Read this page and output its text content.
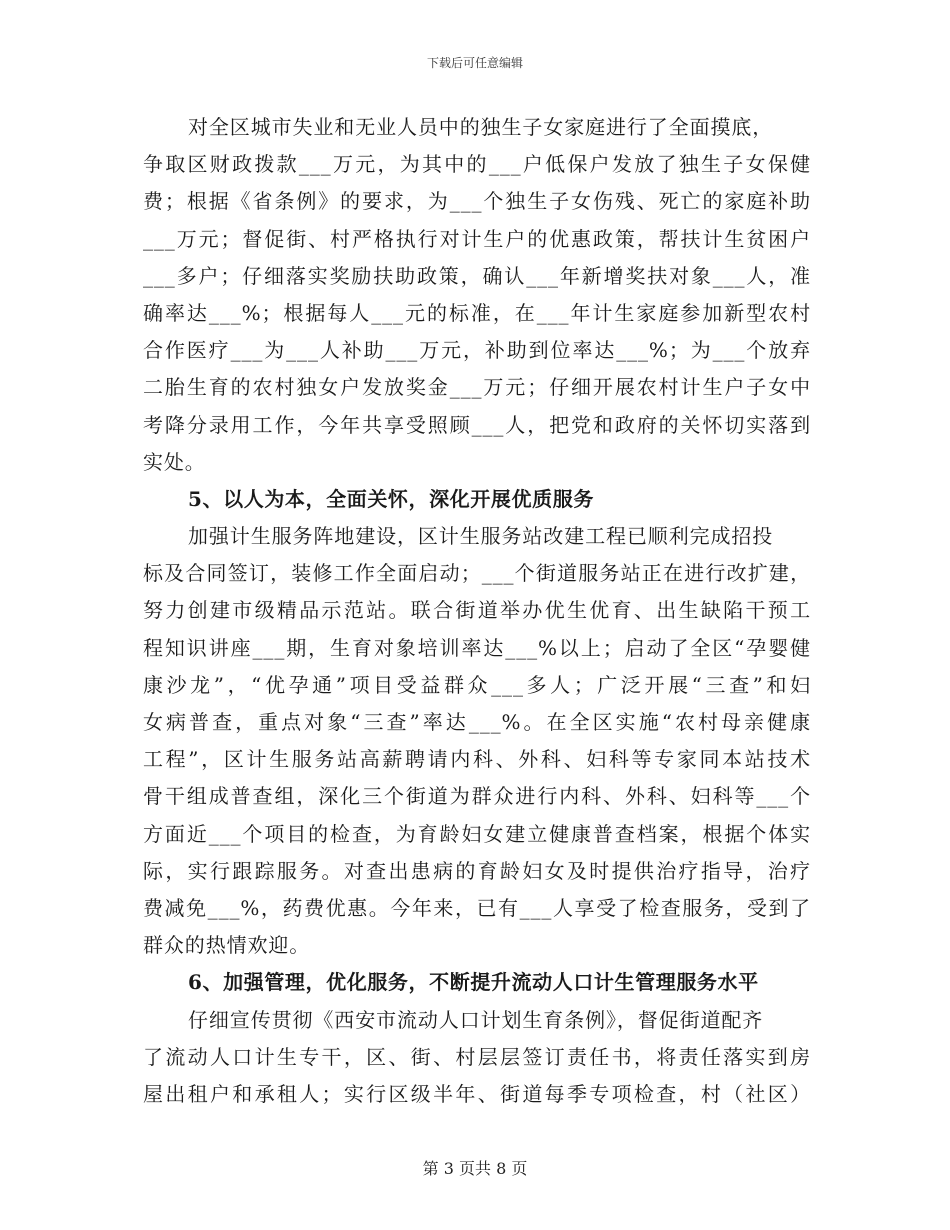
下载后可任意编辑
对全区城市失业和无业人员中的独生子女家庭进行了全面摸底，
争取区财政拨款___万元，为其中的___户低保户发放了独生子女保健
费；根据《省条例》的要求，为___个独生子女伤残、死亡的家庭补助
___万元；督促街、村严格执行对计生户的优惠政策，帮扶计生贫困户
___多户；仔细落实奖励扶助政策，确认___年新增奖扶对象___人，准
确率达___%；根据每人___元的标准，在___年计生家庭参加新型农村
合作医疗___为___人补助___万元，补助到位率达___%；为___个放弃
二胎生育的农村独女户发放奖金___万元；仔细开展农村计生户子女中
考降分录用工作，今年共享受照顾___人，把党和政府的关怀切实落到
实处。
5、以人为本，全面关怀，深化开展优质服务
加强计生服务阵地建设，区计生服务站改建工程已顺利完成招投
标及合同签订，装修工作全面启动；___个街道服务站正在进行改扩建，
努力创建市级精品示范站。联合街道举办优生优育、出生缺陷干预工
程知识讲座___期，生育对象培训率达___%以上；启动了全区“孕婴健
康沙龙”，“优孕通”项目受益群众___多人；广泛开展“三查”和妇
女病普查，重点对象“三查”率达___%。在全区实施“农村母亲健康
工程”，区计生服务站高薪聘请内科、外科、妇科等专家同本站技术
骨干组成普查组，深化三个街道为群众进行内科、外科、妇科等___个
方面近___个项目的检查，为育龄妇女建立健康普查档案，根据个体实
际，实行跟踪服务。对查出患病的育龄妇女及时提供治疗指导，治疗
费减免___%，药费优惠。今年来，已有___人享受了检查服务，受到了
群众的热情欢迎。
6、加强管理，优化服务，不断提升流动人口计生管理服务水平
仔细宣传贯彻《西安市流动人口计划生育条例》，督促街道配齐
了流动人口计生专干，区、街、村层层签订责任书，将责任落实到房
屋出租户和承租人；实行区级半年、街道每季专项检查，村（社区）
第 3 页共 8 页
